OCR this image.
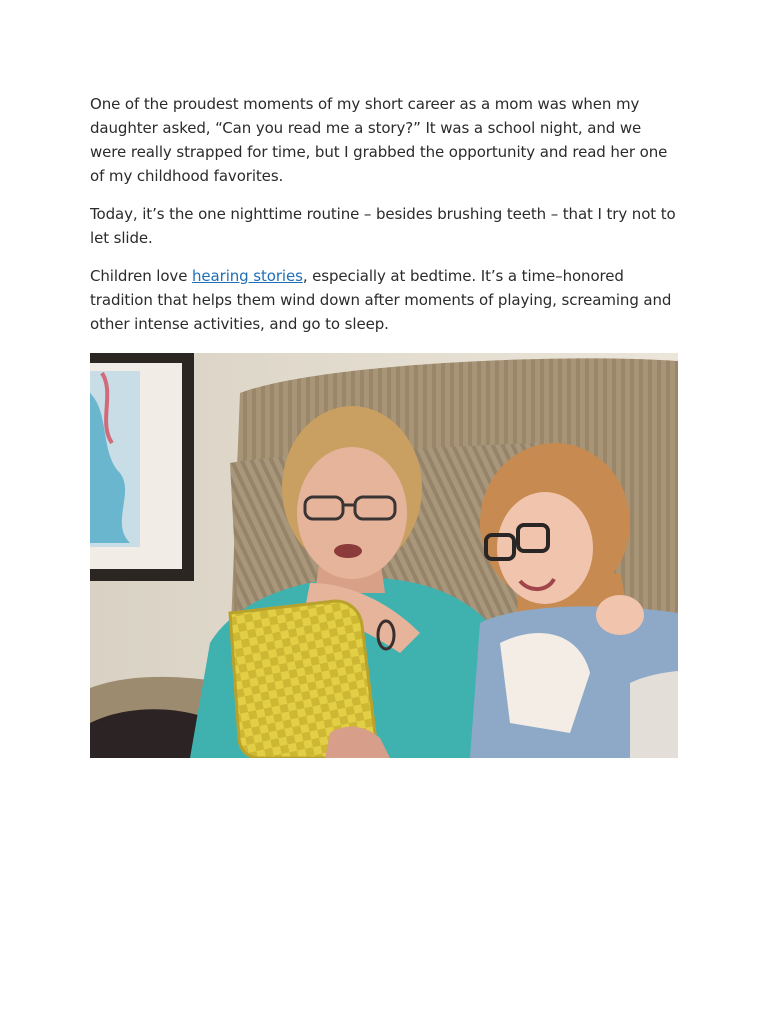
One of the proudest moments of my short career as a mom was when my daughter asked, “Can you read me a story?” It was a school night, and we were really strapped for time, but I grabbed the opportunity and read her one of my childhood favorites.

Today, it’s the one nighttime routine – besides brushing teeth – that I try not to let slide.

Children love hearing stories, especially at bedtime. It’s a time–honored tradition that helps them wind down after moments of playing, screaming and other intense activities, and go to sleep.
